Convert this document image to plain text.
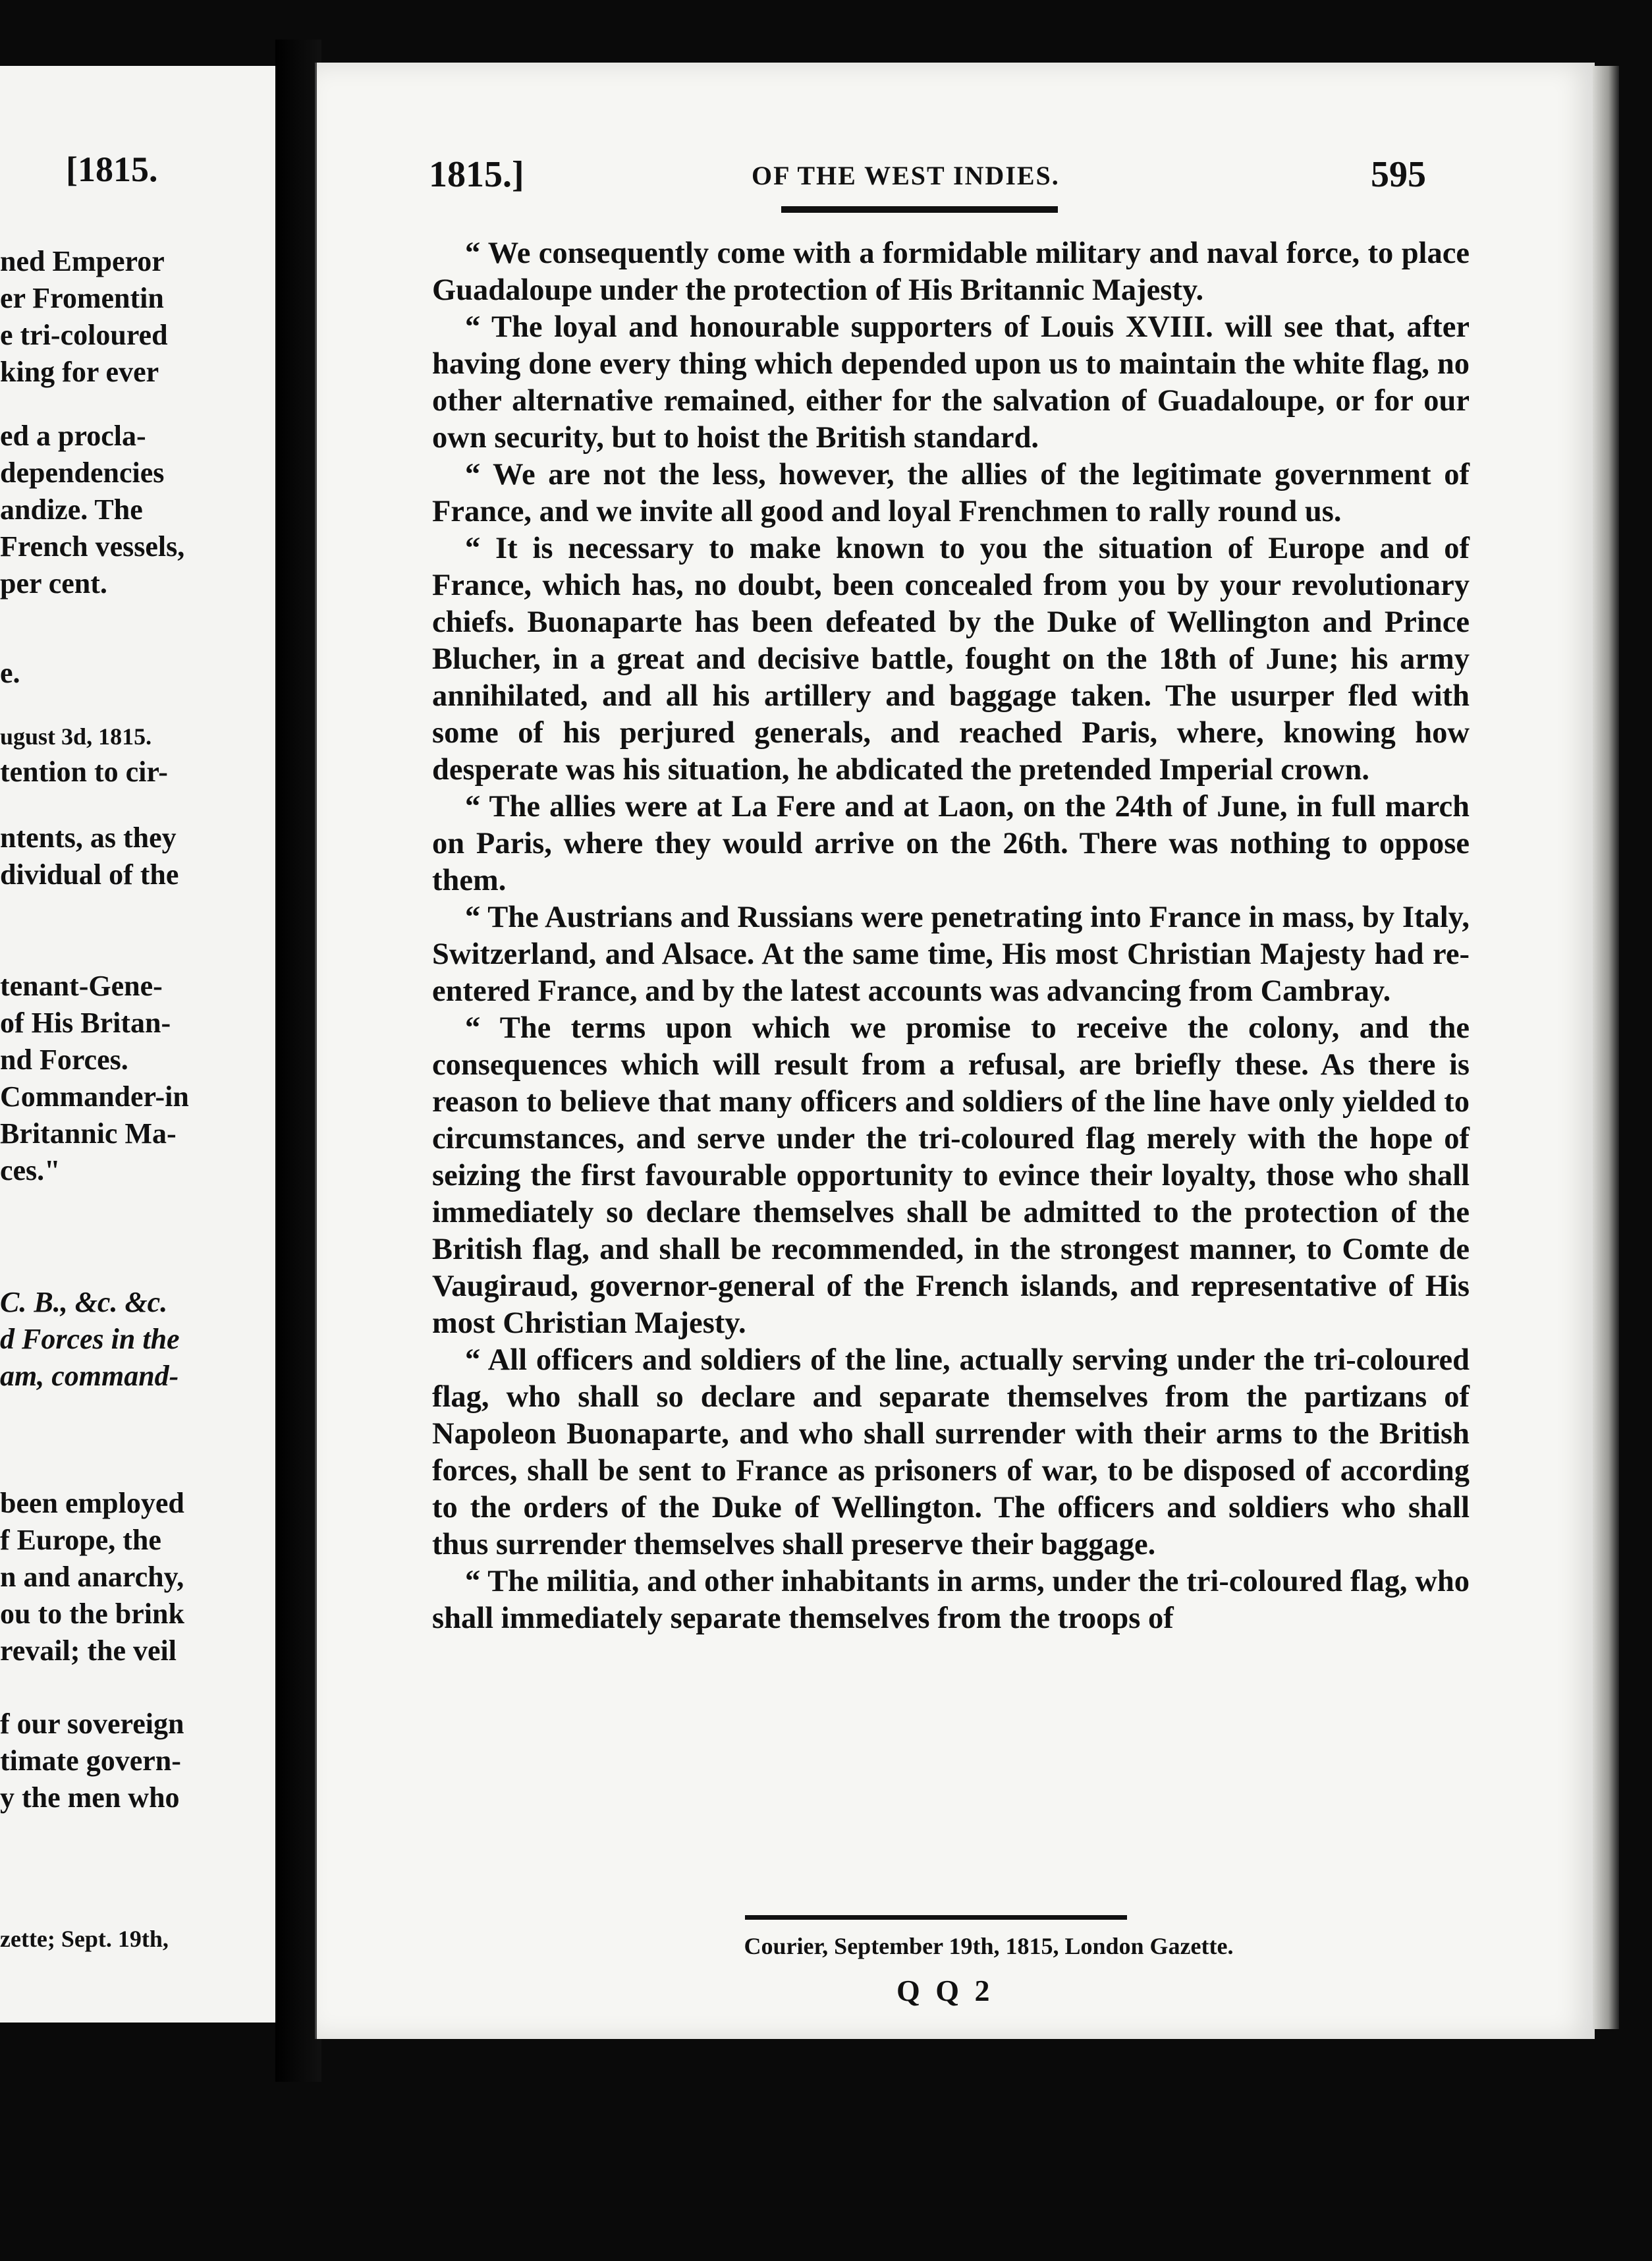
[1815.
ned Emperor
er Fromentin
e tri-coloured
king for ever
ed a procla-
dependencies
andize. The
French vessels,
per cent.
e.
ugust 3d, 1815.
tention to cir-
ntents, as they
dividual of the
tenant-Gene-
of His Britan-
nd Forces.
Commander-in
Britannic Ma-
ces."
C. B., &c. &c.
d Forces in the
am, command-
been employed
f Europe, the
n and anarchy,
ou to the brink
revail; the veil
f our sovereign
timate govern-
y the men who
zette; Sept. 19th,
1815.]	OF THE WEST INDIES.	595

“ We consequently come with a formidable military and naval force, to place Guadaloupe under the protection of His Britannic Majesty.

“ The loyal and honourable supporters of Louis XVIII. will see that, after having done every thing which depended upon us to maintain the white flag, no other alternative remained, either for the salvation of Guadaloupe, or for our own security, but to hoist the British standard.

“ We are not the less, however, the allies of the legitimate government of France, and we invite all good and loyal Frenchmen to rally round us.

“ It is necessary to make known to you the situation of Europe and of France, which has, no doubt, been concealed from you by your revolutionary chiefs. Buonaparte has been defeated by the Duke of Wellington and Prince Blucher, in a great and decisive battle, fought on the 18th of June; his army annihilated, and all his artillery and baggage taken. The usurper fled with some of his perjured generals, and reached Paris, where, knowing how desperate was his situation, he abdicated the pretended Imperial crown.

“ The allies were at La Fere and at Laon, on the 24th of June, in full march on Paris, where they would arrive on the 26th. There was nothing to oppose them.

“ The Austrians and Russians were penetrating into France in mass, by Italy, Switzerland, and Alsace. At the same time, His most Christian Majesty had re-entered France, and by the latest accounts was advancing from Cambray.

“ The terms upon which we promise to receive the colony, and the consequences which will result from a refusal, are briefly these. As there is reason to believe that many officers and soldiers of the line have only yielded to circumstances, and serve under the tri-coloured flag merely with the hope of seizing the first favourable opportunity to evince their loyalty, those who shall immediately so declare themselves shall be admitted to the protection of the British flag, and shall be recommended, in the strongest manner, to Comte de Vaugiraud, governor-general of the French islands, and representative of His most Christian Majesty.

“ All officers and soldiers of the line, actually serving under the tri-coloured flag, who shall so declare and separate themselves from the partizans of Napoleon Buonaparte, and who shall surrender with their arms to the British forces, shall be sent to France as prisoners of war, to be disposed of according to the orders of the Duke of Wellington. The officers and soldiers who shall thus surrender themselves shall preserve their baggage.

“ The militia, and other inhabitants in arms, under the tri-coloured flag, who shall immediately separate themselves from the troops of

Courier, September 19th, 1815, London Gazette.
Q Q 2
